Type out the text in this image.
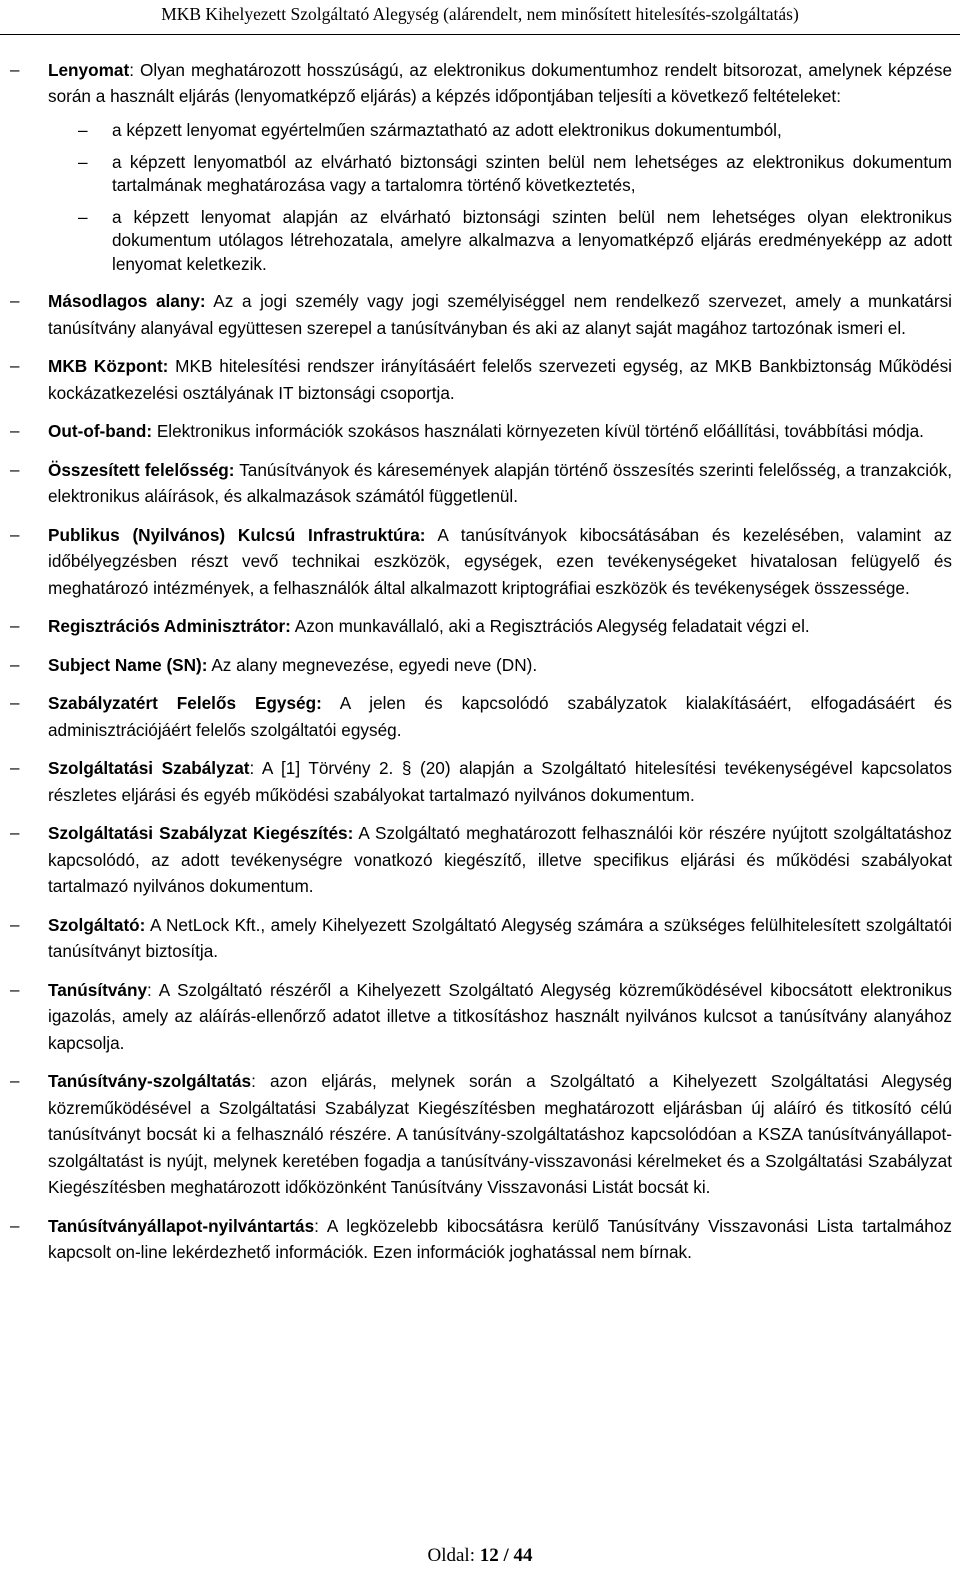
MKB Kihelyezett Szolgáltató Alegység (alárendelt, nem minősített hitelesítés-szolgáltatás)
– Lenyomat: Olyan meghatározott hosszúságú, az elektronikus dokumentumhoz rendelt bitsorozat, amelynek képzése során a használt eljárás (lenyomatképző eljárás) a képzés időpontjában teljesíti a következő feltételeket:
– a képzett lenyomat egyértelműen származtatható az adott elektronikus dokumentumból,
– a képzett lenyomatból az elvárható biztonsági szinten belül nem lehetséges az elektronikus dokumentum tartalmának meghatározása vagy a tartalomra történő következtetés,
– a képzett lenyomat alapján az elvárható biztonsági szinten belül nem lehetséges olyan elektronikus dokumentum utólagos létrehozatala, amelyre alkalmazva a lenyomatképző eljárás eredményeképp az adott lenyomat keletkezik.
– Másodlagos alany: Az a jogi személy vagy jogi személyiséggel nem rendelkező szervezet, amely a munkatársi tanúsítvány alanyával együttesen szerepel a tanúsítványban és aki az alanyt saját magához tartozónak ismeri el.
– MKB Központ: MKB hitelesítési rendszer irányításáért felelős szervezeti egység, az MKB Bankbiztonság Működési kockázatkezelési osztályának IT biztonsági csoportja.
– Out-of-band: Elektronikus információk szokásos használati környezeten kívül történő előállítási, továbbítási módja.
– Összesített felelősség: Tanúsítványok és káresemények alapján történő összesítés szerinti felelősség, a tranzakciók, elektronikus aláírások, és alkalmazások számától függetlenül.
– Publikus (Nyilvános) Kulcsú Infrastruktúra: A tanúsítványok kibocsátásában és kezelésében, valamint az időbélyegzésben részt vevő technikai eszközök, egységek, ezen tevékenységeket hivatalosan felügyelő és meghatározó intézmények, a felhasználók által alkalmazott kriptográfiai eszközök és tevékenységek összessége.
– Regisztrációs Adminisztrátor: Azon munkavállaló, aki a Regisztrációs Alegység feladatait végzi el.
– Subject Name (SN): Az alany megnevezése, egyedi neve (DN).
– Szabályzatért Felelős Egység: A jelen és kapcsolódó szabályzatok kialakításáért, elfogadásáért és adminisztrációjáért felelős szolgáltatói egység.
– Szolgáltatási Szabályzat: A [1] Törvény 2. § (20) alapján a Szolgáltató hitelesítési tevékenységével kapcsolatos részletes eljárási és egyéb működési szabályokat tartalmazó nyilvános dokumentum.
– Szolgáltatási Szabályzat Kiegészítés: A Szolgáltató meghatározott felhasználói kör részére nyújtott szolgáltatáshoz kapcsolódó, az adott tevékenységre vonatkozó kiegészítő, illetve specifikus eljárási és működési szabályokat tartalmazó nyilvános dokumentum.
– Szolgáltató: A NetLock Kft., amely Kihelyezett Szolgáltató Alegység számára a szükséges felülhitelesített szolgáltatói tanúsítványt biztosítja.
– Tanúsítvány: A Szolgáltató részéről a Kihelyezett Szolgáltató Alegység közreműködésével kibocsátott elektronikus igazolás, amely az aláírás-ellenőrző adatot illetve a titkosításhoz használt nyilvános kulcsot a tanúsítvány alanyához kapcsolja.
– Tanúsítvány-szolgáltatás: azon eljárás, melynek során a Szolgáltató a Kihelyezett Szolgáltatási Alegység közreműködésével a Szolgáltatási Szabályzat Kiegészítésben meghatározott eljárásban új aláíró és titkosító célú tanúsítványt bocsát ki a felhasználó részére. A tanúsítvány-szolgáltatáshoz kapcsolódóan a KSZA tanúsítványállapot-szolgáltatást is nyújt, melynek keretében fogadja a tanúsítvány-visszavonási kérelmeket és a Szolgáltatási Szabályzat Kiegészítésben meghatározott időközönként Tanúsítvány Visszavonási Listát bocsát ki.
– Tanúsítványállapot-nyilvántartás: A legközelebb kibocsátásra kerülő Tanúsítvány Visszavonási Lista tartalmához kapcsolt on-line lekérdezhető információk. Ezen információk joghatással nem bírnak.
Oldal: 12 / 44
